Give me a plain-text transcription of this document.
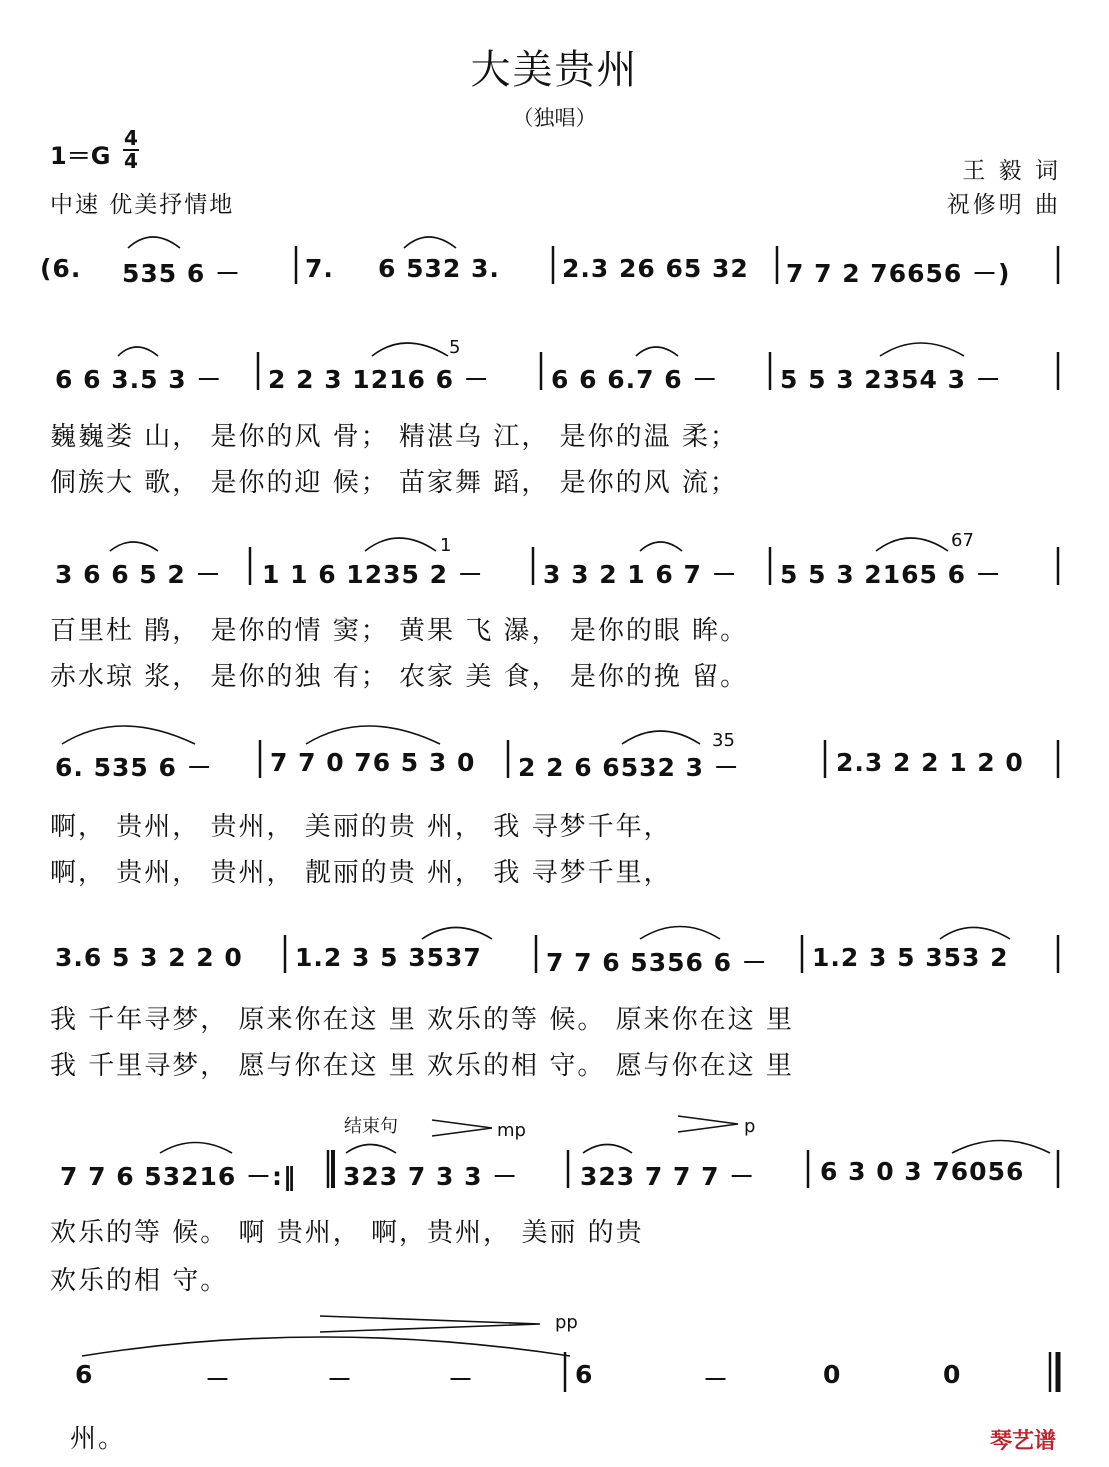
大美贵州
（独唱）
1＝G
4
4
中速 优美抒情地
王 毅 词
祝修明 曲
(6. 535 6 －	7. 6 532 3. 2.3 26 65 32 7 7 2 76656 －)
6 6 3.5 3 － 2 2 3 1216 6 － 6 6 6.7 6 － 5 5 3 2354 3 －
5
巍巍娄 山， 是你的风 骨； 精湛乌 江， 是你的温 柔；
侗族大 歌， 是你的迎 候； 苗家舞 蹈， 是你的风 流；
3 6 6 5 2 － 1 1 6 1235 2 － 3 3 2 1 6 7 － 5 5 3 2165 6 －
1	67
百里杜 鹃， 是你的情 窦； 黄果 飞 瀑， 是你的眼 眸。
赤水琼 浆， 是你的独 有； 农家 美 食， 是你的挽 留。
6. 535 6 － 7 7 0 76 5 3 0 2 2 6 6532 3 －	2.3 2 2 1 2 0
35
啊， 贵州， 贵州， 美丽的贵 州， 我 寻梦千年，
啊， 贵州， 贵州， 靓丽的贵 州， 我 寻梦千里，
3.6 5 3 2 2 0 1.2 3 5 3537	7 7 6 5356 6 － 1.2 3 5 353 2
我 千年寻梦， 原来你在这 里 欢乐的等 候。 原来你在这 里
我 千里寻梦， 愿与你在这 里 欢乐的相 守。 愿与你在这 里
结束句	mp	p
7 7 6 53216 －:‖ 323 7 3 3 － 323 7 7 7 －	6 3 0 3 76056
欢乐的等 候。 啊 贵州， 啊，贵州， 美丽 的贵
欢乐的相 守。
pp
6	－	－	－	6	－	0	0
州。	琴艺谱
